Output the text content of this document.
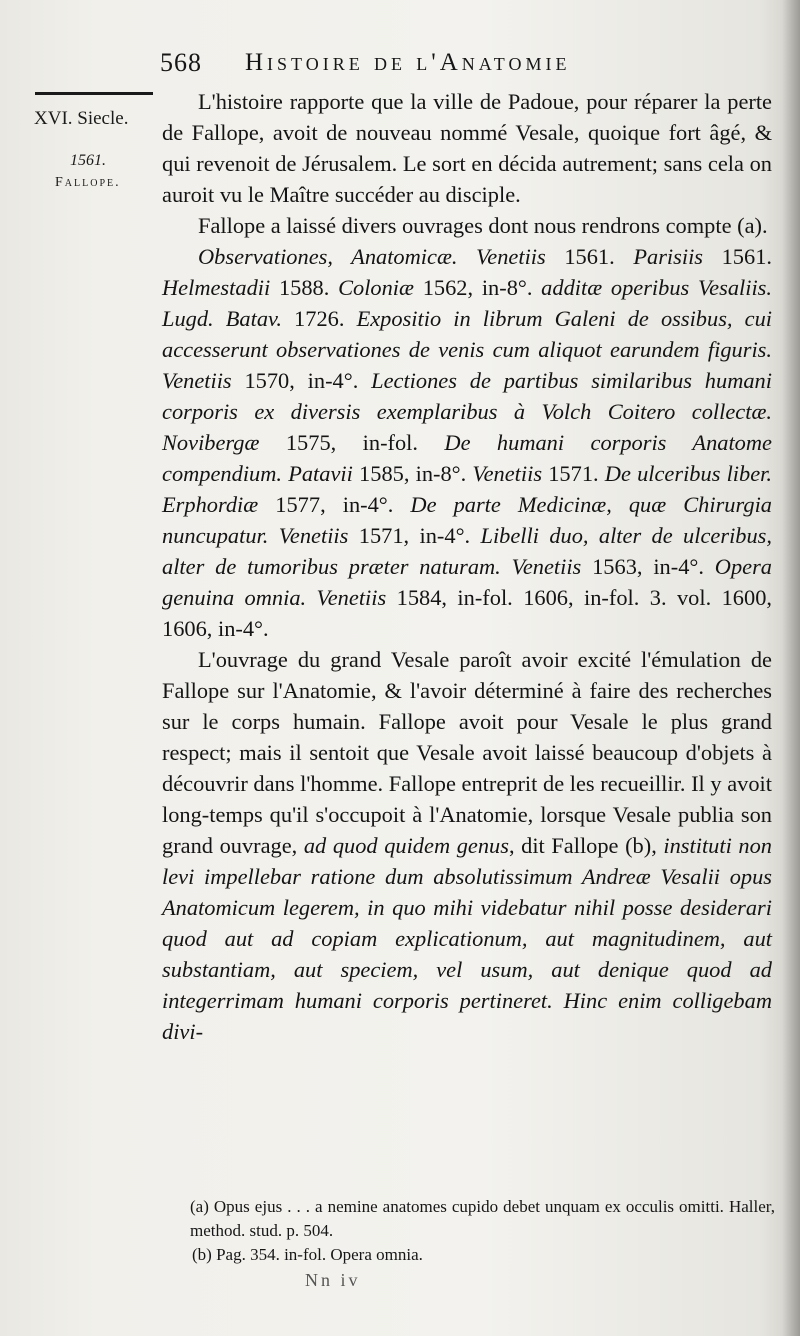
568 Histoire de l'Anatomie
XVI. Siecle.
1561.
Fallope.

L'histoire rapporte que la ville de Padoue, pour réparer la perte de Fallope, avoit de nouveau nommé Vesale, quoique fort âgé, & qui revenoit de Jérusalem. Le sort en décida autrement; sans cela on auroit vu le Maître succéder au disciple.

Fallope a laissé divers ouvrages dont nous rendrons compte (a).

Observationes, Anatomicæ. Venetiis 1561. Parisiis 1561. Helmestadii 1588. Coloniæ 1562, in-8°. additæ operibus Vesaliis. Lugd. Batav. 1726. Expositio in librum Galeni de ossibus, cui accesserunt observationes de venis cum aliquot earundem figuris. Venetiis 1570, in-4°. Lectiones de partibus similaribus humani corporis ex diversis exemplaribus à Volch Coitero collectæ. Novibergæ 1575, in-fol. De humani corporis Anatome compendium. Patavii 1585, in-8°. Venetiis 1571. De ulceribus liber. Erphordiæ 1577, in-4°. De parte Medicinæ, quæ Chirurgia nuncupatur. Venetiis 1571, in-4°. Libelli duo, alter de ulceribus, alter de tumoribus præter naturam. Venetiis 1563, in-4°. Opera genuina omnia. Venetiis 1584, in-fol. 1606, in-fol. 3. vol. 1600, 1606, in-4°.

L'ouvrage du grand Vesale paroît avoir excité l'émulation de Fallope sur l'Anatomie, & l'avoir déterminé à faire des recherches sur le corps humain. Fallope avoit pour Vesale le plus grand respect; mais il sentoit que Vesale avoit laissé beaucoup d'objets à découvrir dans l'homme. Fallope entreprit de les recueillir. Il y avoit long-temps qu'il s'occupoit à l'Anatomie, lorsque Vesale publia son grand ouvrage, ad quod quidem genus, dit Fallope (b), instituti non levi impellebar ratione dum absolutissimum Andreæ Vesalii opus Anatomicum legerem, in quo mihi videbatur nihil posse desiderari quod aut ad copiam explicationum, aut magnitudinem, aut substantiam, aut speciem, vel usum, aut denique quod ad integerrimam humani corporis pertineret. Hinc enim colligebam divi-

(a) Opus ejus . . . a nemine anatomes cupido debet unquam ex occulis omitti. Haller, method. stud. p. 504.

(b) Pag. 354. in-fol. Opera omnia.

Nn iv
